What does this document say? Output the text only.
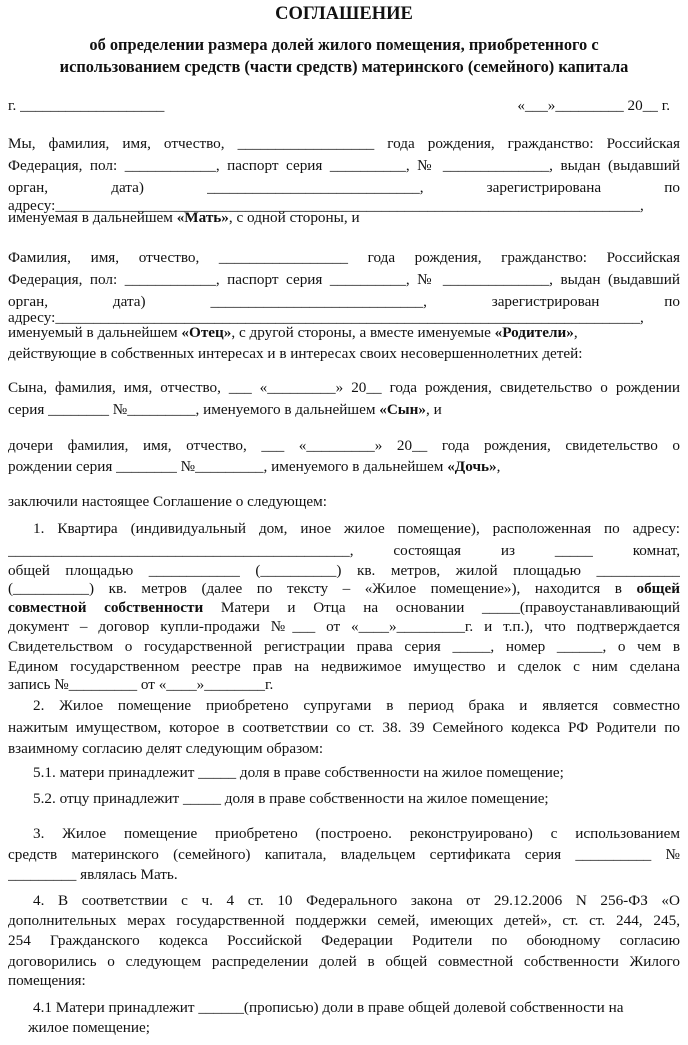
СОГЛАШЕНИЕ
об определении размера долей жилого помещения, приобретенного с
использованием средств (части средств) материнского (семейного) капитала
г. ___________________	«___»_________ 20__ г.
Мы, фамилия, имя, отчество, __________________ года рождения, гражданство: Российская
Федерация, пол: ____________, паспорт серия __________, № ______________, выдан (выдавший
орган, дата) ____________________________, зарегистрирована по
адресу:_____________________________________________________________________________,
именуемая в дальнейшем «Мать», с одной стороны, и
Фамилия, имя, отчество, _________________ года рождения, гражданство: Российская
Федерация, пол: ____________, паспорт серия __________, № ______________, выдан (выдавший
орган, дата) ____________________________, зарегистрирован по
адресу:_____________________________________________________________________________,
именуемый в дальнейшем «Отец», с другой стороны, а вместе именуемые «Родители»,
действующие в собственных интересах и в интересах своих несовершеннолетних детей:
Сына, фамилия, имя, отчество, ___ «_________» 20__ года рождения, свидетельство о рождении
серия ________ №_________, именуемого в дальнейшем «Сын», и
дочери фамилия, имя, отчество, ___ «_________» 20__ года рождения, свидетельство о
рождении серия ________ №_________, именуемого в дальнейшем «Дочь»,
заключили настоящее Соглашение о следующем:
1. Квартира (индивидуальный дом, иное жилое помещение), расположенная по адресу:
_____________________________________________, состоящая из _____ комнат,
общей площадью ____________ (__________) кв. метров, жилой площадью ___________
(__________) кв. метров (далее по тексту – «Жилое помещение»), находится в общей
совместной собственности Матери и Отца на основании _____(правоустанавливающий
документ – договор купли-продажи №___ от «____»_________г. и т.п.), что подтверждается
Свидетельством о государственной регистрации права серия _____, номер ______, о чем в
Едином государственном реестре прав на недвижимое имущество и сделок с ним сделана
запись №_________ от «____»________г.
2. Жилое помещение приобретено супругами в период брака и является совместно
нажитым имуществом, которое в соответствии со ст. 38. 39 Семейного кодекса РФ Родители по
взаимному согласию делят следующим образом:
5.1. матери принадлежит _____ доля в праве собственности на жилое помещение;
5.2. отцу принадлежит _____ доля в праве собственности на жилое помещение;
3. Жилое помещение приобретено (построено. реконструировано) с использованием
средств материнского (семейного) капитала, владельцем сертификата серия __________ №
_________ являлась Мать.
4. В соответствии с ч. 4 ст. 10 Федерального закона от 29.12.2006 N 256-ФЗ «О
дополнительных мерах государственной поддержки семей, имеющих детей», ст. ст. 244, 245,
254 Гражданского кодекса Российской Федерации Родители по обоюдному согласию
договорились о следующем распределении долей в общей совместной собственности Жилого
помещения:
4.1 Матери принадлежит ______(прописью) доли в праве общей долевой собственности на
жилое помещение;
